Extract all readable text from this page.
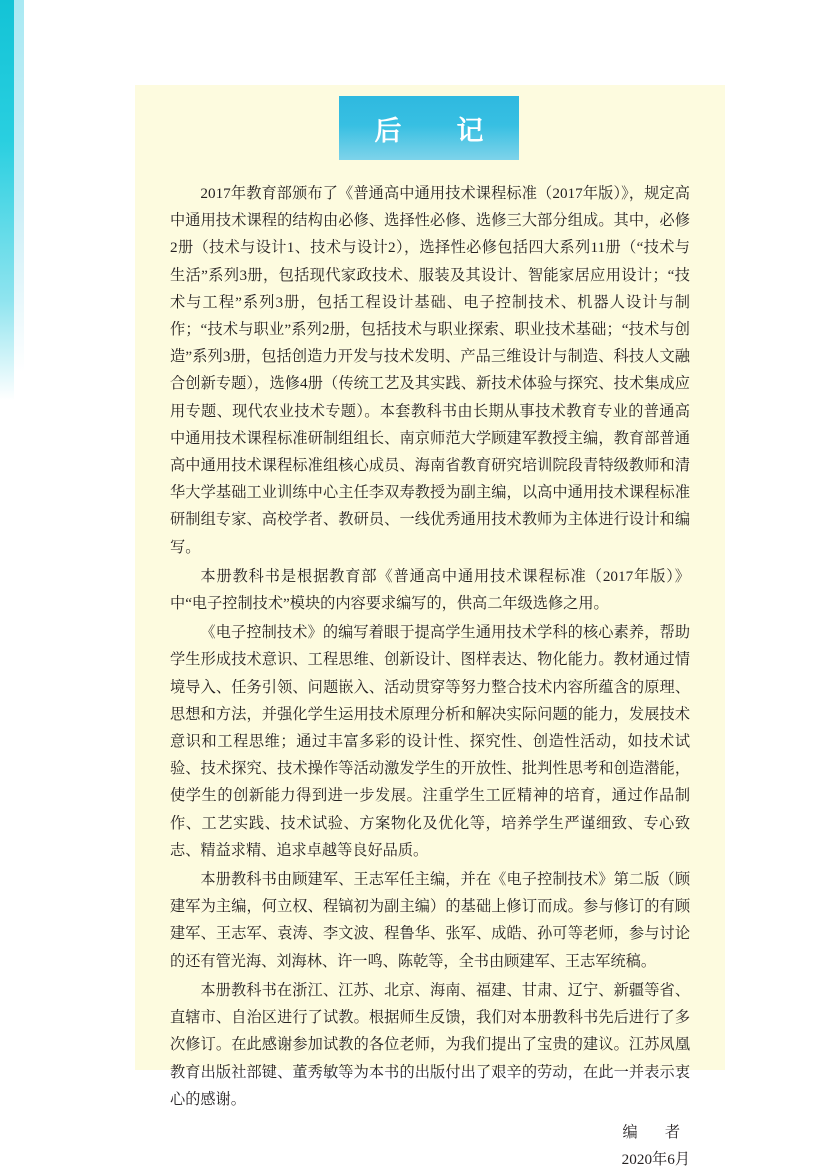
后　记

2017年教育部颁布了《普通高中通用技术课程标准（2017年版）》，规定高中通用技术课程的结构由必修、选择性必修、选修三大部分组成。其中，必修2册（技术与设计1、技术与设计2），选择性必修包括四大系列11册（“技术与生活”系列3册，包括现代家政技术、服装及其设计、智能家居应用设计；“技术与工程”系列3册，包括工程设计基础、电子控制技术、机器人设计与制作；“技术与职业”系列2册，包括技术与职业探索、职业技术基础；“技术与创造”系列3册，包括创造力开发与技术发明、产品三维设计与制造、科技人文融合创新专题），选修4册（传统工艺及其实践、新技术体验与探究、技术集成应用专题、现代农业技术专题）。本套教科书由长期从事技术教育专业的普通高中通用技术课程标准研制组组长、南京师范大学顾建军教授主编，教育部普通高中通用技术课程标准组核心成员、海南省教育研究培训院段青特级教师和清华大学基础工业训练中心主任李双寿教授为副主编，以高中通用技术课程标准研制组专家、高校学者、教研员、一线优秀通用技术教师为主体进行设计和编写。

本册教科书是根据教育部《普通高中通用技术课程标准（2017年版）》中“电子控制技术”模块的内容要求编写的，供高二年级选修之用。

《电子控制技术》的编写着眼于提高学生通用技术学科的核心素养，帮助学生形成技术意识、工程思维、创新设计、图样表达、物化能力。教材通过情境导入、任务引领、问题嵌入、活动贯穿等努力整合技术内容所蕴含的原理、思想和方法，并强化学生运用技术原理分析和解决实际问题的能力，发展技术意识和工程思维；通过丰富多彩的设计性、探究性、创造性活动，如技术试验、技术探究、技术操作等活动激发学生的开放性、批判性思考和创造潜能，使学生的创新能力得到进一步发展。注重学生工匠精神的培育，通过作品制作、工艺实践、技术试验、方案物化及优化等，培养学生严谨细致、专心致志、精益求精、追求卓越等良好品质。

本册教科书由顾建军、王志军任主编，并在《电子控制技术》第二版（顾建军为主编，何立权、程镐初为副主编）的基础上修订而成。参与修订的有顾建军、王志军、袁涛、李文波、程鲁华、张军、成皓、孙可等老师，参与讨论的还有管光海、刘海林、许一鸣、陈乾等，全书由顾建军、王志军统稿。

本册教科书在浙江、江苏、北京、海南、福建、甘肃、辽宁、新疆等省、直辖市、自治区进行了试教。根据师生反馈，我们对本册教科书先后进行了多次修订。在此感谢参加试教的各位老师，为我们提出了宝贵的建议。江苏凤凰教育出版社部键、董秀敏等为本书的出版付出了艰辛的劳动，在此一并表示衷心的感谢。

编　者

2020年6月
